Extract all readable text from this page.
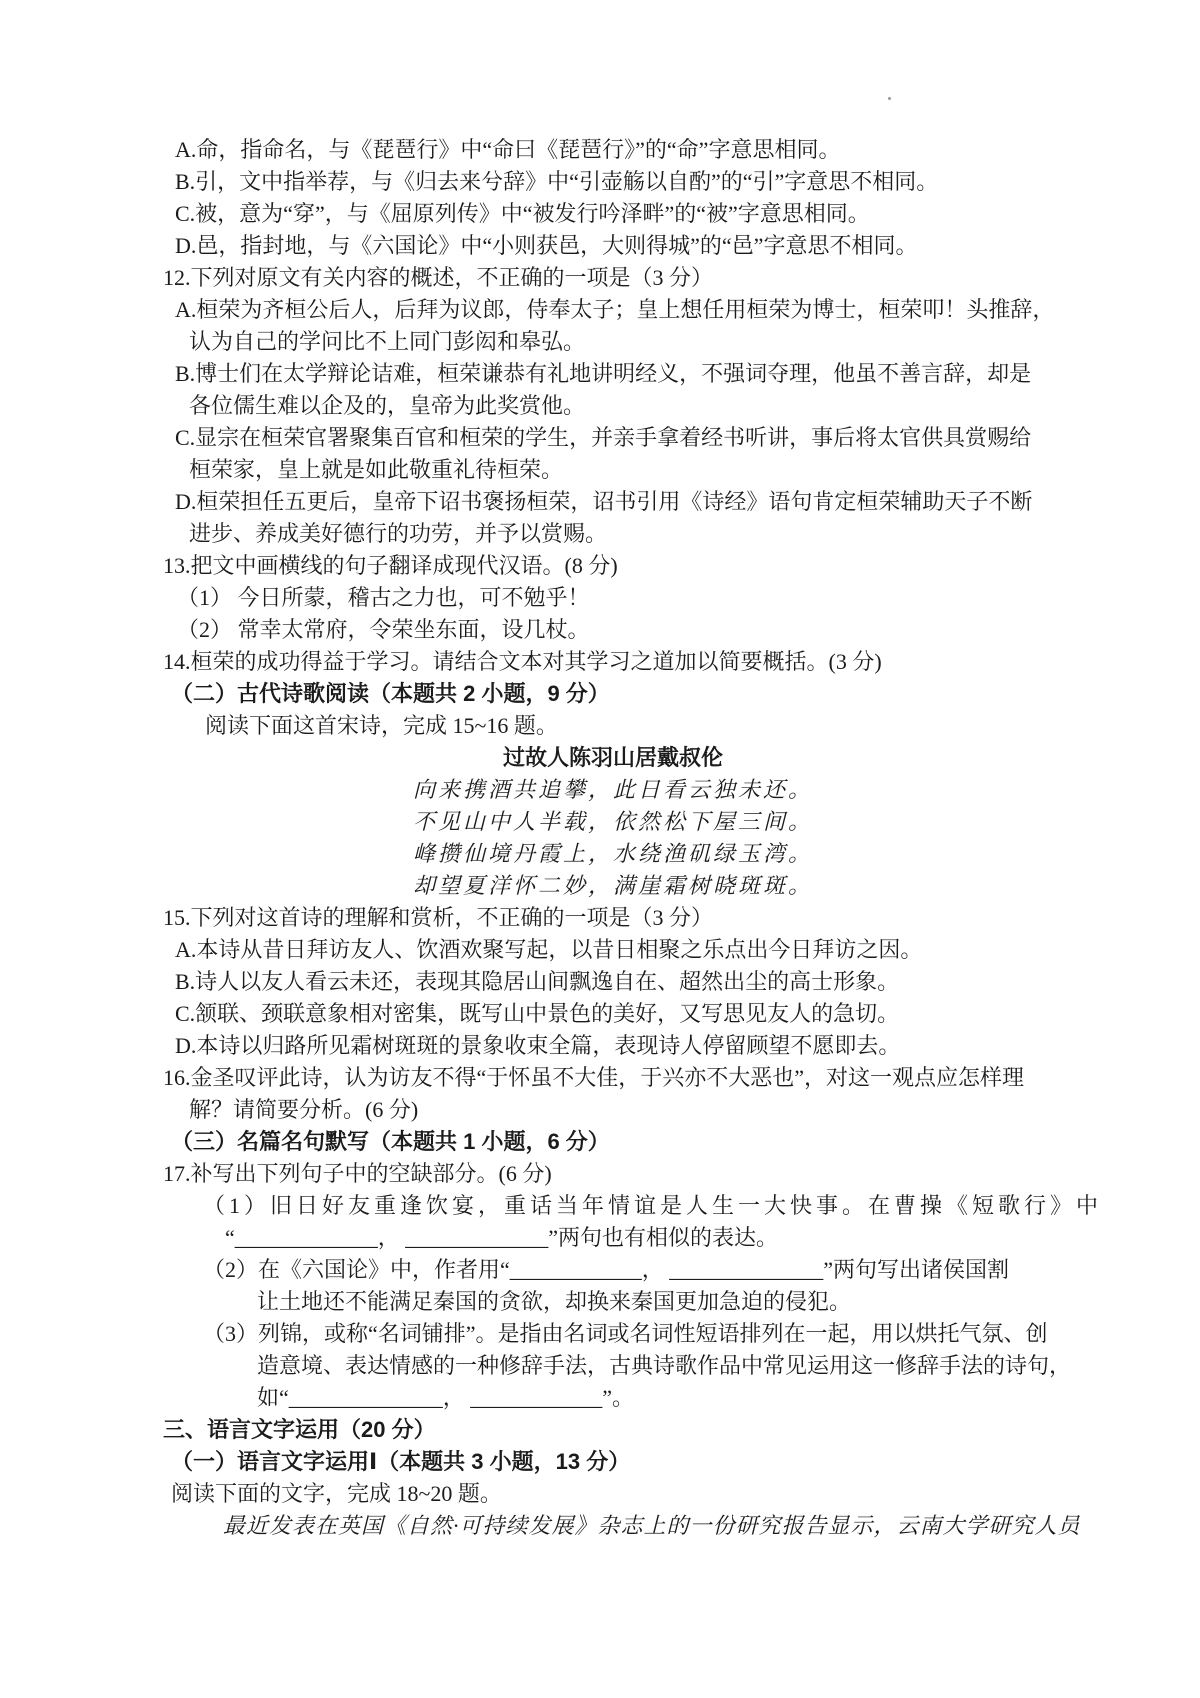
A.命，指命名，与《琵琶行》中“命曰《琵琶行》”的“命”字意思相同。
B.引，文中指举荐，与《归去来兮辞》中“引壶觞以自酌”的“引”字意思不相同。
C.被，意为“穿”，与《屈原列传》中“被发行吟泽畔”的“被”字意思相同。
D.邑，指封地，与《六国论》中“小则获邑，大则得城”的“邑”字意思不相同。
12.下列对原文有关内容的概述，不正确的一项是（3 分）
A.桓荣为齐桓公后人，后拜为议郎，侍奉太子；皇上想任用桓荣为博士，桓荣叩！头推辞，
认为自己的学问比不上同门彭闳和皋弘。
B.博士们在太学辩论诘难，桓荣谦恭有礼地讲明经义，不强词夺理，他虽不善言辞，却是
各位儒生难以企及的，皇帝为此奖赏他。
C.显宗在桓荣官署聚集百官和桓荣的学生，并亲手拿着经书听讲，事后将太官供具赏赐给
桓荣家，皇上就是如此敬重礼待桓荣。
D.桓荣担任五更后，皇帝下诏书褒扬桓荣，诏书引用《诗经》语句肯定桓荣辅助天子不断
进步、养成美好德行的功劳，并予以赏赐。
13.把文中画横线的句子翻译成现代汉语。(8 分)
（1） 今日所蒙，稽古之力也，可不勉乎！
（2） 常幸太常府，令荣坐东面，设几杖。
14.桓荣的成功得益于学习。请结合文本对其学习之道加以简要概括。(3 分)
（二）古代诗歌阅读（本题共 2 小题，9 分）
阅读下面这首宋诗，完成 15~16 题。
过故人陈羽山居戴叔伦
向来携酒共追攀，此日看云独未还。
不见山中人半载，依然松下屋三间。
峰攒仙境丹霞上，水绕渔矶绿玉湾。
却望夏洋怀二妙，满崖霜树晓斑斑。
15.下列对这首诗的理解和赏析，不正确的一项是（3 分）
A.本诗从昔日拜访友人、饮酒欢聚写起，以昔日相聚之乐点出今日拜访之因。
B.诗人以友人看云未还，表现其隐居山间飘逸自在、超然出尘的高士形象。
C.颔联、颈联意象相对密集，既写山中景色的美好，又写思见友人的急切。
D.本诗以归路所见霜树斑斑的景象收束全篇，表现诗人停留顾望不愿即去。
16.金圣叹评此诗，认为访友不得“于怀虽不大佳，于兴亦不大恶也”，对这一观点应怎样理
解？请简要分析。(6 分)
（三）名篇名句默写（本题共 1 小题，6 分）
17.补写出下列句子中的空缺部分。(6 分)
（1）旧日好友重逢饮宴，重话当年情谊是人生一大快事。在曹操《短歌行》中
“_____________， _____________”两句也有相似的表达。
（2）在《六国论》中，作者用“____________， ______________”两句写出诸侯国割
让土地还不能满足秦国的贪欲，却换来秦国更加急迫的侵犯。
（3）列锦，或称“名词铺排”。是指由名词或名词性短语排列在一起，用以烘托气氛、创
造意境、表达情感的一种修辞手法，古典诗歌作品中常见运用这一修辞手法的诗句，
如“______________， ____________”。
三、语言文字运用（20 分）
（一）语言文字运用Ⅰ（本题共 3 小题，13 分）
阅读下面的文字，完成 18~20 题。
最近发表在英国《自然·可持续发展》杂志上的一份研究报告显示，云南大学研究人员
